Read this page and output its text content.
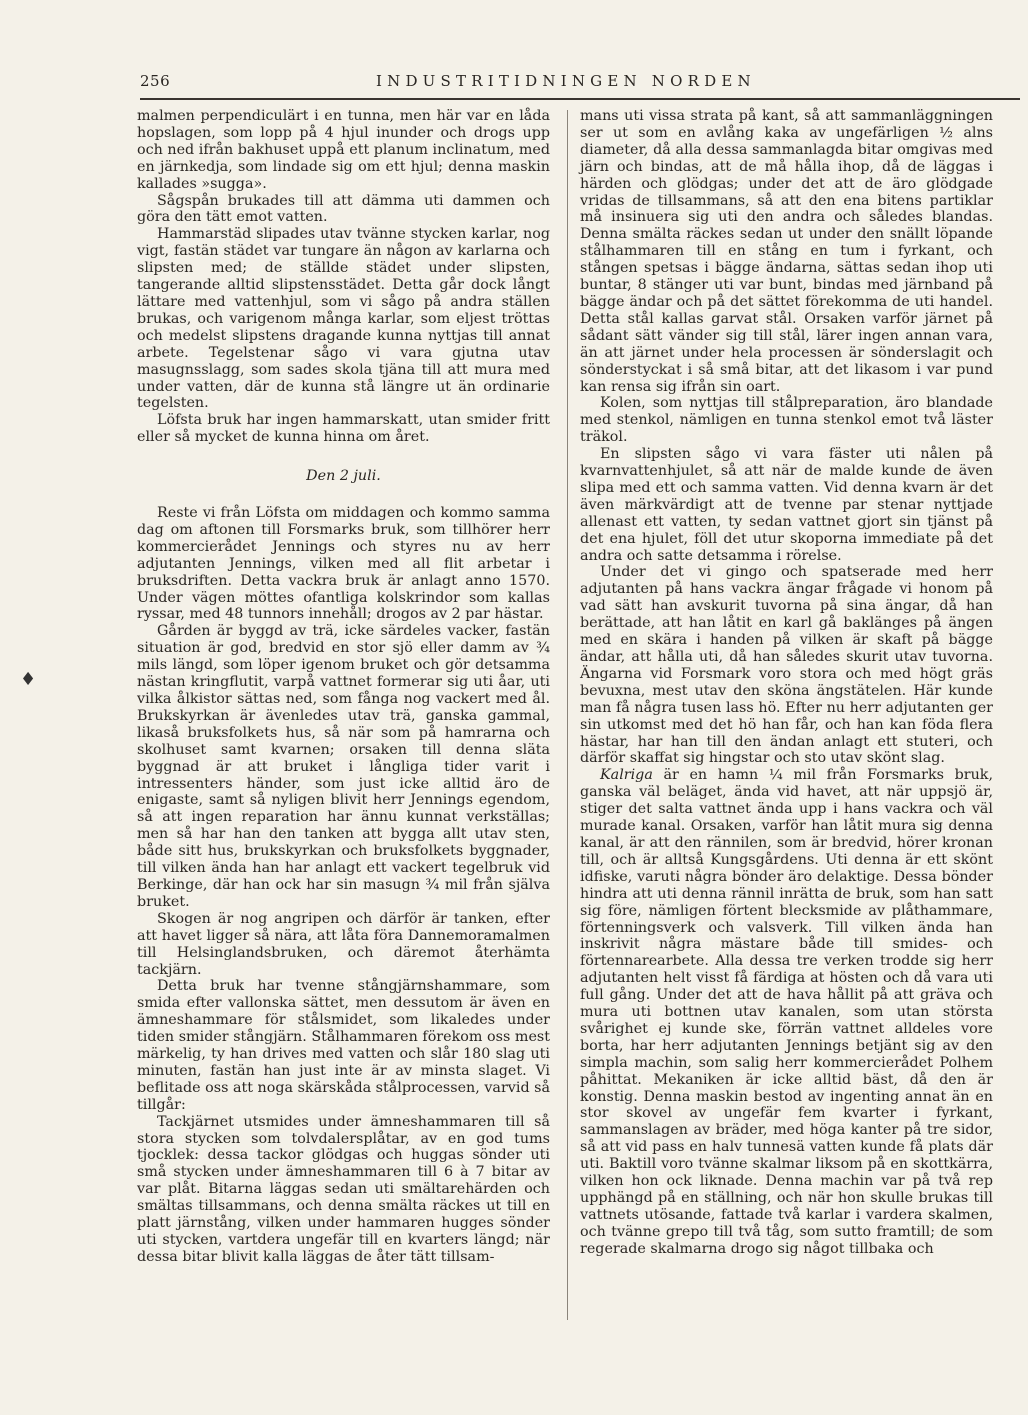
256	INDUSTRITIDNINGEN NORDEN
♦

malmen perpendiculärt i en tunna, men här var en låda hopslagen, som lopp på 4 hjul inunder och drogs upp och ned ifrån bakhuset uppå ett planum inclinatum, med en järnkedja, som lindade sig om ett hjul; denna maskin kallades »sugga».

Sågspån brukades till att dämma uti dammen och göra den tätt emot vatten.

Hammarstäd slipades utav tvänne stycken karlar, nog vigt, fastän städet var tungare än någon av karlarna och slipsten med; de ställde städet under slipsten, tangerande alltid slipstensstädet. Detta går dock långt lättare med vattenhjul, som vi sågo på andra ställen brukas, och varigenom många karlar, som eljest tröttas och medelst slipstens dragande kunna nyttjas till annat arbete. Tegelstenar sågo vi vara gjutna utav masugnsslagg, som sades skola tjäna till att mura med under vatten, där de kunna stå längre ut än ordinarie tegelsten.

Löfsta bruk har ingen hammarskatt, utan smider fritt eller så mycket de kunna hinna om året.

Den 2 juli.

Reste vi från Löfsta om middagen och kommo samma dag om aftonen till Forsmarks bruk, som tillhörer herr kommercierådet Jennings och styres nu av herr adjutanten Jennings, vilken med all flit arbetar i bruksdriften. Detta vackra bruk är anlagt anno 1570. Under vägen möttes ofantliga kolskrindor som kallas ryssar, med 48 tunnors innehåll; drogos av 2 par hästar.

Gården är byggd av trä, icke särdeles vacker, fastän situation är god, bredvid en stor sjö eller damm av ¾ mils längd, som löper igenom bruket och gör detsamma nästan kringflutit, varpå vattnet formerar sig uti åar, uti vilka ålkistor sättas ned, som fånga nog vackert med ål. Brukskyrkan är ävenledes utav trä, ganska gammal, likaså bruksfolkets hus, så när som på hamrarna och skolhuset samt kvarnen; orsaken till denna släta byggnad är att bruket i långliga tider varit i intressenters händer, som just icke alltid äro de enigaste, samt så nyligen blivit herr Jennings egendom, så att ingen reparation har ännu kunnat verkställas; men så har han den tanken att bygga allt utav sten, både sitt hus, brukskyrkan och bruksfolkets byggnader, till vilken ända han har anlagt ett vackert tegelbruk vid Berkinge, där han ock har sin masugn ¾ mil från själva bruket.

Skogen är nog angripen och därför är tanken, efter att havet ligger så nära, att låta föra Dannemoramalmen till Helsinglandsbruken, och däremot återhämta tackjärn.

Detta bruk har tvenne stångjärnshammare, som smida efter vallonska sättet, men dessutom är även en ämneshammare för stålsmidet, som likaledes under tiden smider stångjärn. Stålhammaren förekom oss mest märkelig, ty han drives med vatten och slår 180 slag uti minuten, fastän han just inte är av minsta slaget. Vi beflitade oss att noga skärskåda stålprocessen, varvid så tillgår:

Tackjärnet utsmides under ämneshammaren till så stora stycken som tolvdalersplåtar, av en god tums tjocklek: dessa tackor glödgas och huggas sönder uti små stycken under ämneshammaren till 6 à 7 bitar av var plåt. Bitarna läggas sedan uti smältarehärden och smältas tillsammans, och denna smälta räckes ut till en platt järnstång, vilken under hammaren hugges sönder uti stycken, vartdera ungefär till en kvarters längd; när dessa bitar blivit kalla läggas de åter tätt tillsam-

mans uti vissa strata på kant, så att sammanläggningen ser ut som en avlång kaka av ungefärligen ½ alns diameter, då alla dessa sammanlagda bitar omgivas med järn och bindas, att de må hålla ihop, då de läggas i härden och glödgas; under det att de äro glödgade vridas de tillsammans, så att den ena bitens partiklar må insinuera sig uti den andra och således blandas. Denna smälta räckes sedan ut under den snällt löpande stålhammaren till en stång en tum i fyrkant, och stången spetsas i bägge ändarna, sättas sedan ihop uti buntar, 8 stänger uti var bunt, bindas med järnband på bägge ändar och på det sättet förekomma de uti handel. Detta stål kallas garvat stål. Orsaken varför järnet på sådant sätt vänder sig till stål, lärer ingen annan vara, än att järnet under hela processen är sönderslagit och sönderstyckat i så små bitar, att det likasom i var pund kan rensa sig ifrån sin oart.

Kolen, som nyttjas till stålpreparation, äro blandade med stenkol, nämligen en tunna stenkol emot två läster träkol.

En slipsten sågo vi vara fäster uti nålen på kvarnvattenhjulet, så att när de malde kunde de även slipa med ett och samma vatten. Vid denna kvarn är det även märkvärdigt att de tvenne par stenar nyttjade allenast ett vatten, ty sedan vattnet gjort sin tjänst på det ena hjulet, föll det utur skoporna immediate på det andra och satte detsamma i rörelse.

Under det vi gingo och spatserade med herr adjutanten på hans vackra ängar frågade vi honom på vad sätt han avskurit tuvorna på sina ängar, då han berättade, att han låtit en karl gå baklänges på ängen med en skära i handen på vilken är skaft på bägge ändar, att hålla uti, då han således skurit utav tuvorna. Ängarna vid Forsmark voro stora och med högt gräs bevuxna, mest utav den sköna ängstätelen. Här kunde man få några tusen lass hö. Efter nu herr adjutanten ger sin utkomst med det hö han får, och han kan föda flera hästar, har han till den ändan anlagt ett stuteri, och därför skaffat sig hingstar och sto utav skönt slag.

Kalriga är en hamn ¼ mil från Forsmarks bruk, ganska väl beläget, ända vid havet, att när uppsjö är, stiger det salta vattnet ända upp i hans vackra och väl murade kanal. Orsaken, varför han låtit mura sig denna kanal, är att den rännilen, som är bredvid, hörer kronan till, och är alltså Kungsgårdens. Uti denna är ett skönt idfiske, varuti några bönder äro delaktige. Dessa bönder hindra att uti denna rännil inrätta de bruk, som han satt sig före, nämligen förtent blecksmide av plåthammare, förtenningsverk och valsverk. Till vilken ända han inskrivit några mästare både till smides- och förtennarearbete. Alla dessa tre verken trodde sig herr adjutanten helt visst få färdiga at hösten och då vara uti full gång. Under det att de hava hållit på att gräva och mura uti bottnen utav kanalen, som utan största svårighet ej kunde ske, förrän vattnet alldeles vore borta, har herr adjutanten Jennings betjänt sig av den simpla machin, som salig herr kommercierådet Polhem påhittat. Mekaniken är icke alltid bäst, då den är konstig. Denna maskin bestod av ingenting annat än en stor skovel av ungefär fem kvarter i fyrkant, sammanslagen av bräder, med höga kanter på tre sidor, så att vid pass en halv tunnesä vatten kunde få plats där uti. Baktill voro tvänne skalmar liksom på en skottkärra, vilken hon ock liknade. Denna machin var på två rep upphängd på en ställning, och när hon skulle brukas till vattnets utösande, fattade två karlar i vardera skalmen, och tvänne grepo till två tåg, som sutto framtill; de som regerade skalmarna drogo sig något tillbaka och
